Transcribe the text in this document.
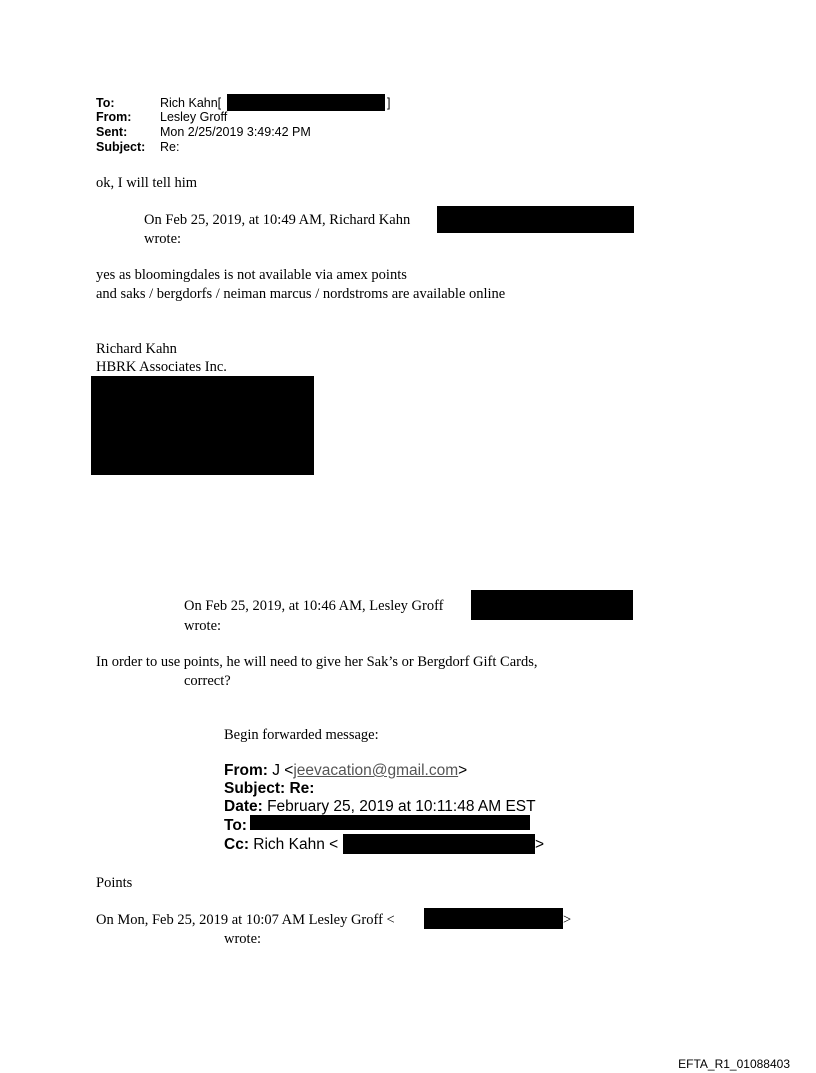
To:	Rich Kahn[	]
From: Lesley Groff
Sent:	Mon 2/25/2019 3:49:42 PM
Subject: Re:
ok, I will tell him
On Feb 25, 2019, at 10:49 AM, Richard Kahn
wrote:
yes as bloomingdales is not available via amex points
and saks / bergdorfs / neiman marcus / nordstroms are available online
Richard Kahn
HBRK Associates Inc.
On Feb 25, 2019, at 10:46 AM, Lesley Groff
wrote:
In order to use points, he will need to give her Sak’s or Bergdorf Gift Cards,
correct?
Begin forwarded message:
From: J <jeevacation@gmail.com>
Subject: Re:
Date: February 25, 2019 at 10:11:48 AM EST
To:
Cc: Rich Kahn <	>
Points
On Mon, Feb 25, 2019 at 10:07 AM Lesley Groff <	>
wrote:
EFTA_R1_01088403
